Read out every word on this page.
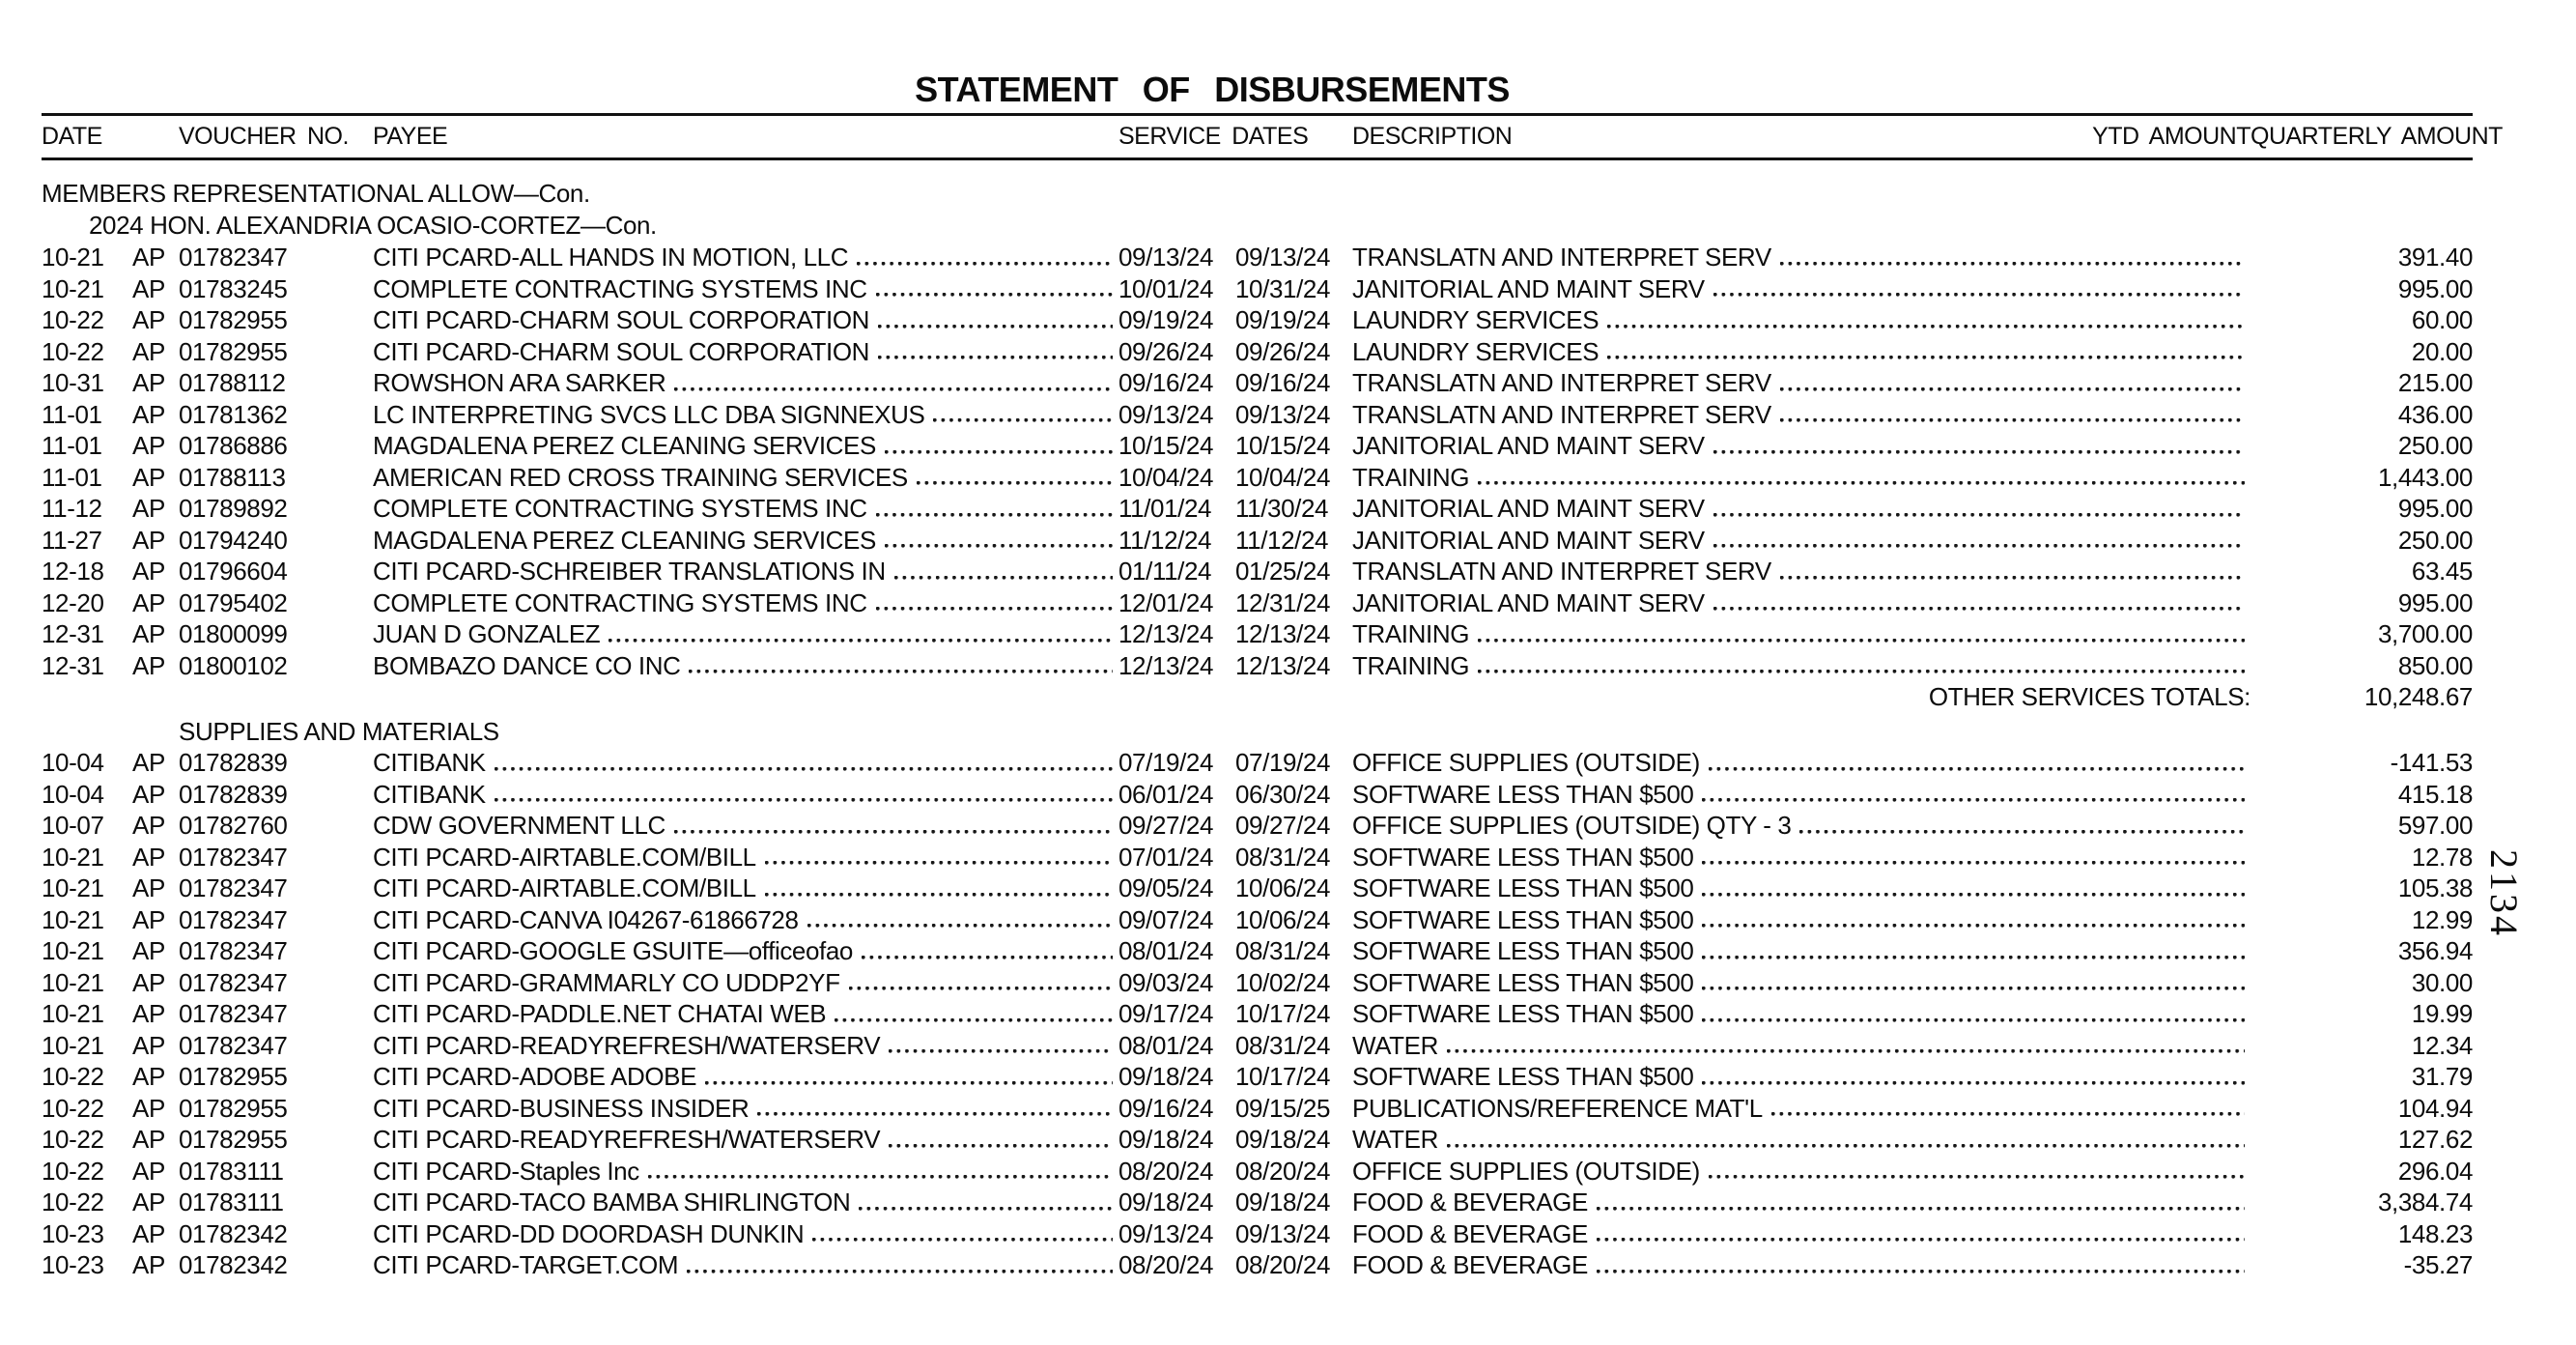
STATEMENT OF DISBURSEMENTS
DATE	VOUCHER NO.	PAYEE	SERVICE DATES	DESCRIPTION	YTD AMOUNT QUARTERLY AMOUNT
MEMBERS REPRESENTATIONAL ALLOW—Con.
2024 HON. ALEXANDRIA OCASIO-CORTEZ—Con.
10-21	AP 01782347	CITI PCARD-ALL HANDS IN MOTION, LLC	09/13/24 09/13/24 TRANSLATN AND INTERPRET SERV	391.40
10-21	AP 01783245	COMPLETE CONTRACTING SYSTEMS INC	10/01/24 10/31/24 JANITORIAL AND MAINT SERV	995.00
10-22	AP 01782955	CITI PCARD-CHARM SOUL CORPORATION	09/19/24 09/19/24 LAUNDRY SERVICES	60.00
10-22	AP 01782955	CITI PCARD-CHARM SOUL CORPORATION	09/26/24 09/26/24 LAUNDRY SERVICES	20.00
10-31	AP 01788112	ROWSHON ARA SARKER	09/16/24 09/16/24 TRANSLATN AND INTERPRET SERV	215.00
11-01	AP 01781362	LC INTERPRETING SVCS LLC DBA SIGNNEXUS	09/13/24 09/13/24 TRANSLATN AND INTERPRET SERV	436.00
11-01	AP 01786886	MAGDALENA PEREZ CLEANING SERVICES	10/15/24 10/15/24 JANITORIAL AND MAINT SERV	250.00
11-01	AP 01788113	AMERICAN RED CROSS TRAINING SERVICES	10/04/24 10/04/24 TRAINING	1,443.00
11-12	AP 01789892	COMPLETE CONTRACTING SYSTEMS INC	11/01/24 11/30/24 JANITORIAL AND MAINT SERV	995.00
11-27	AP 01794240	MAGDALENA PEREZ CLEANING SERVICES	11/12/24 11/12/24 JANITORIAL AND MAINT SERV	250.00
12-18	AP 01796604	CITI PCARD-SCHREIBER TRANSLATIONS IN	01/11/24 01/25/24 TRANSLATN AND INTERPRET SERV	63.45
12-20	AP 01795402	COMPLETE CONTRACTING SYSTEMS INC	12/01/24 12/31/24 JANITORIAL AND MAINT SERV	995.00
12-31	AP 01800099	JUAN D GONZALEZ	12/13/24 12/13/24 TRAINING	3,700.00
12-31	AP 01800102	BOMBAZO DANCE CO INC	12/13/24 12/13/24 TRAINING	850.00
OTHER SERVICES TOTALS:	10,248.67
SUPPLIES AND MATERIALS
10-04	AP 01782839	CITIBANK	07/19/24 07/19/24 OFFICE SUPPLIES (OUTSIDE)	-141.53
10-04	AP 01782839	CITIBANK	06/01/24 06/30/24 SOFTWARE LESS THAN $500	415.18
10-07	AP 01782760	CDW GOVERNMENT LLC	09/27/24 09/27/24 OFFICE SUPPLIES (OUTSIDE) QTY - 3	597.00
10-21	AP 01782347	CITI PCARD-AIRTABLE.COM/BILL	07/01/24 08/31/24 SOFTWARE LESS THAN $500	12.78
10-21	AP 01782347	CITI PCARD-AIRTABLE.COM/BILL	09/05/24 10/06/24 SOFTWARE LESS THAN $500	105.38
10-21	AP 01782347	CITI PCARD-CANVA I04267-61866728	09/07/24 10/06/24 SOFTWARE LESS THAN $500	12.99
10-21	AP 01782347	CITI PCARD-GOOGLE GSUITE—officeofao	08/01/24 08/31/24 SOFTWARE LESS THAN $500	356.94
10-21	AP 01782347	CITI PCARD-GRAMMARLY CO UDDP2YF	09/03/24 10/02/24 SOFTWARE LESS THAN $500	30.00
10-21	AP 01782347	CITI PCARD-PADDLE.NET CHATAI WEB	09/17/24 10/17/24 SOFTWARE LESS THAN $500	19.99
10-21	AP 01782347	CITI PCARD-READYREFRESH/WATERSERV	08/01/24 08/31/24 WATER	12.34
10-22	AP 01782955	CITI PCARD-ADOBE ADOBE	09/18/24 10/17/24 SOFTWARE LESS THAN $500	31.79
10-22	AP 01782955	CITI PCARD-BUSINESS INSIDER	09/16/24 09/15/25 PUBLICATIONS/REFERENCE MAT'L	104.94
10-22	AP 01782955	CITI PCARD-READYREFRESH/WATERSERV	09/18/24 09/18/24 WATER	127.62
10-22	AP 01783111	CITI PCARD-Staples Inc	08/20/24 08/20/24 OFFICE SUPPLIES (OUTSIDE)	296.04
10-22	AP 01783111	CITI PCARD-TACO BAMBA SHIRLINGTON	09/18/24 09/18/24 FOOD & BEVERAGE	3,384.74
10-23	AP 01782342	CITI PCARD-DD DOORDASH DUNKIN	09/13/24 09/13/24 FOOD & BEVERAGE	148.23
10-23	AP 01782342	CITI PCARD-TARGET.COM	08/20/24 08/20/24 FOOD & BEVERAGE	-35.27
2134
